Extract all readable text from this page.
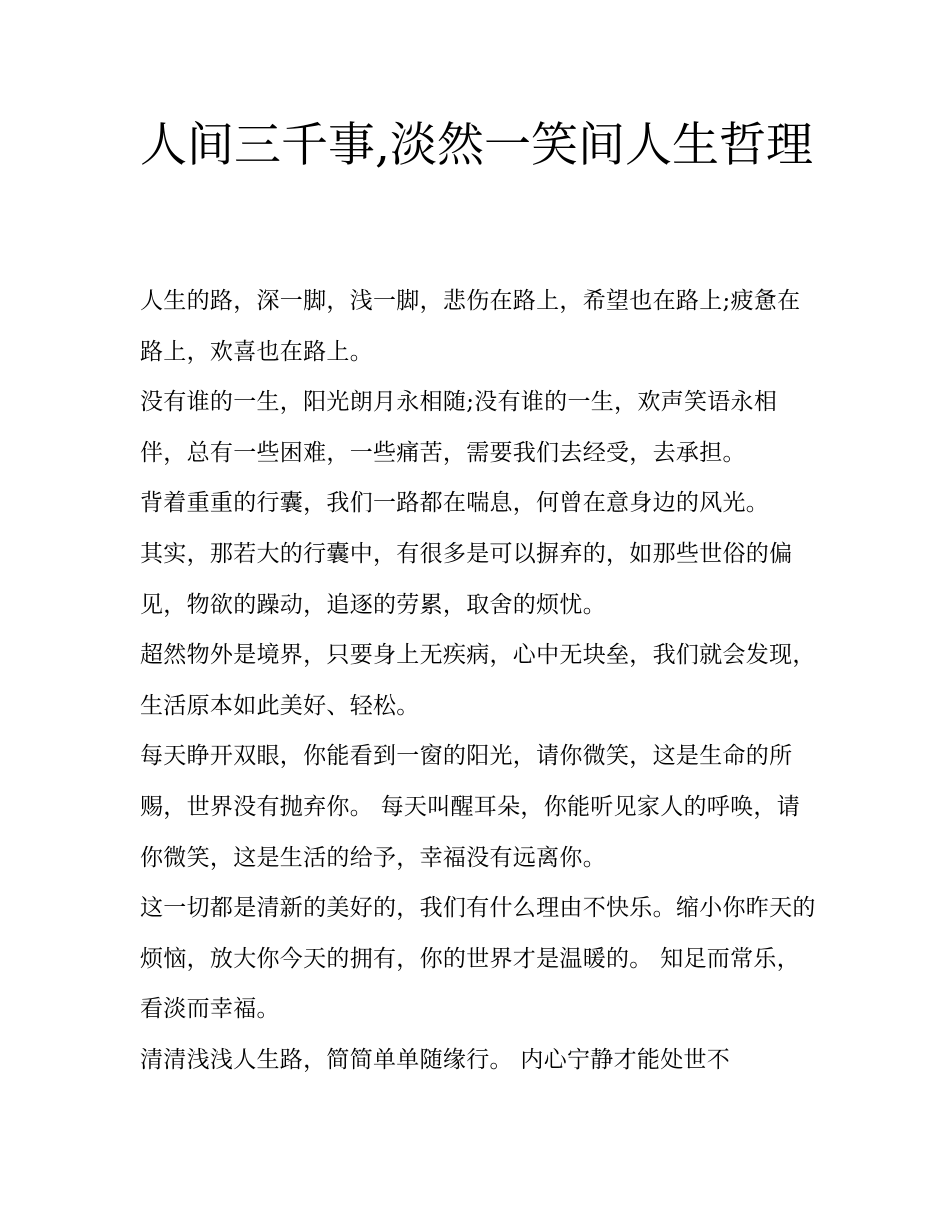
人间三千事,淡然一笑间人生哲理

人生的路，深一脚，浅一脚，悲伤在路上，希望也在路上;疲惫在路上，欢喜也在路上。

没有谁的一生，阳光朗月永相随;没有谁的一生，欢声笑语永相伴，总有一些困难，一些痛苦，需要我们去经受，去承担。

背着重重的行囊，我们一路都在喘息，何曾在意身边的风光。

其实，那若大的行囊中，有很多是可以摒弃的，如那些世俗的偏见，物欲的躁动，追逐的劳累，取舍的烦忧。

超然物外是境界，只要身上无疾病，心中无块垒，我们就会发现，生活原本如此美好、轻松。

每天睁开双眼，你能看到一窗的阳光，请你微笑，这是生命的所赐，世界没有抛弃你。 每天叫醒耳朵，你能听见家人的呼唤，请你微笑，这是生活的给予，幸福没有远离你。

这一切都是清新的美好的，我们有什么理由不快乐。缩小你昨天的烦恼，放大你今天的拥有，你的世界才是温暖的。 知足而常乐，看淡而幸福。

清清浅浅人生路，简简单单随缘行。 内心宁静才能处世不
